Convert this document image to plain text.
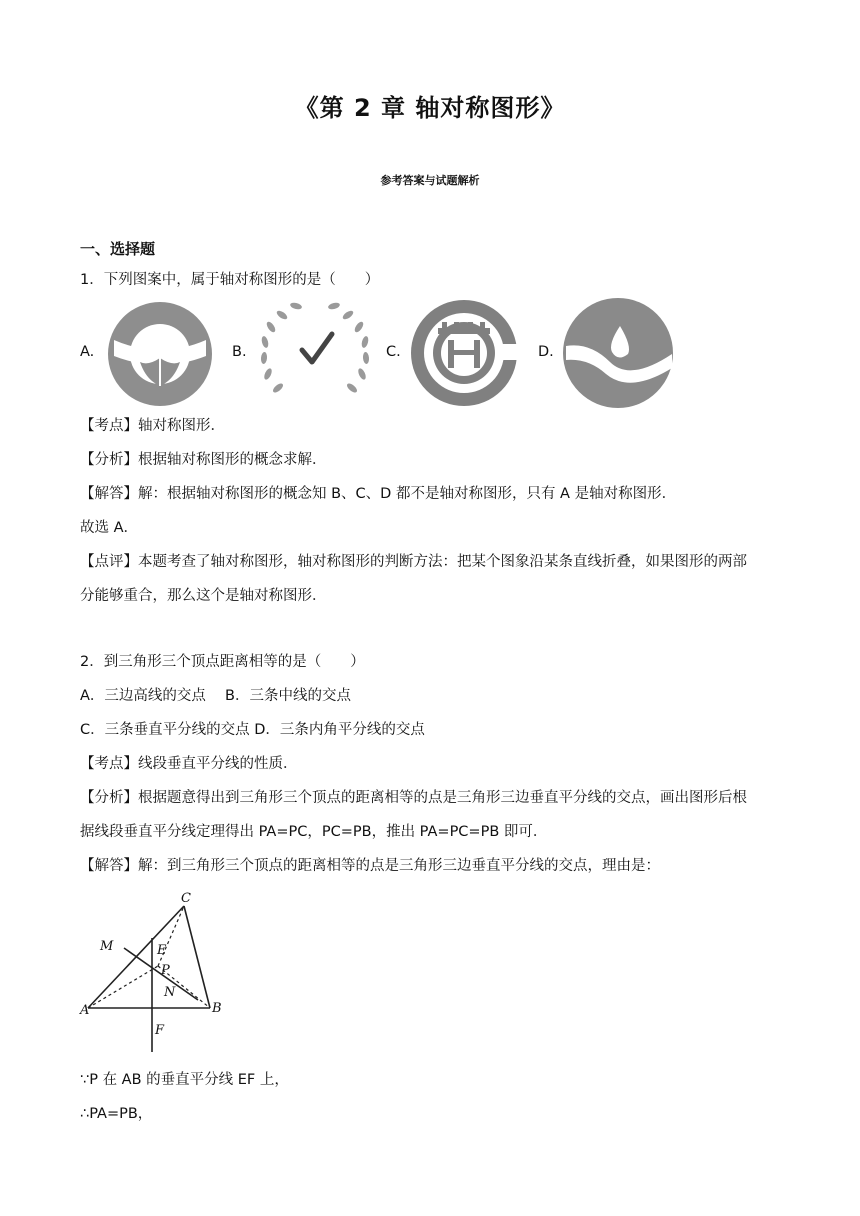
《第 2 章 轴对称图形》
参考答案与试题解析
一、选择题
1．下列图案中，属于轴对称图形的是（　　）
A.	B.	C.	D.
【考点】轴对称图形．
【分析】根据轴对称图形的概念求解．
【解答】解：根据轴对称图形的概念知 B、C、D 都不是轴对称图形，只有 A 是轴对称图形．
故选 A．
【点评】本题考查了轴对称图形，轴对称图形的判断方法：把某个图象沿某条直线折叠，如果图形的两部
分能够重合，那么这个是轴对称图形．
2．到三角形三个顶点距离相等的是（　　）
A．三边高线的交点　 B．三条中线的交点
C．三条垂直平分线的交点 D．三条内角平分线的交点
【考点】线段垂直平分线的性质．
【分析】根据题意得出到三角形三个顶点的距离相等的点是三角形三边垂直平分线的交点，画出图形后根
据线段垂直平分线定理得出 PA=PC，PC=PB，推出 PA=PC=PB 即可．
【解答】解：到三角形三个顶点的距离相等的点是三角形三边垂直平分线的交点，理由是：
C
M	E
P
N
A	B
F
∵P 在 AB 的垂直平分线 EF 上，
∴PA=PB，
